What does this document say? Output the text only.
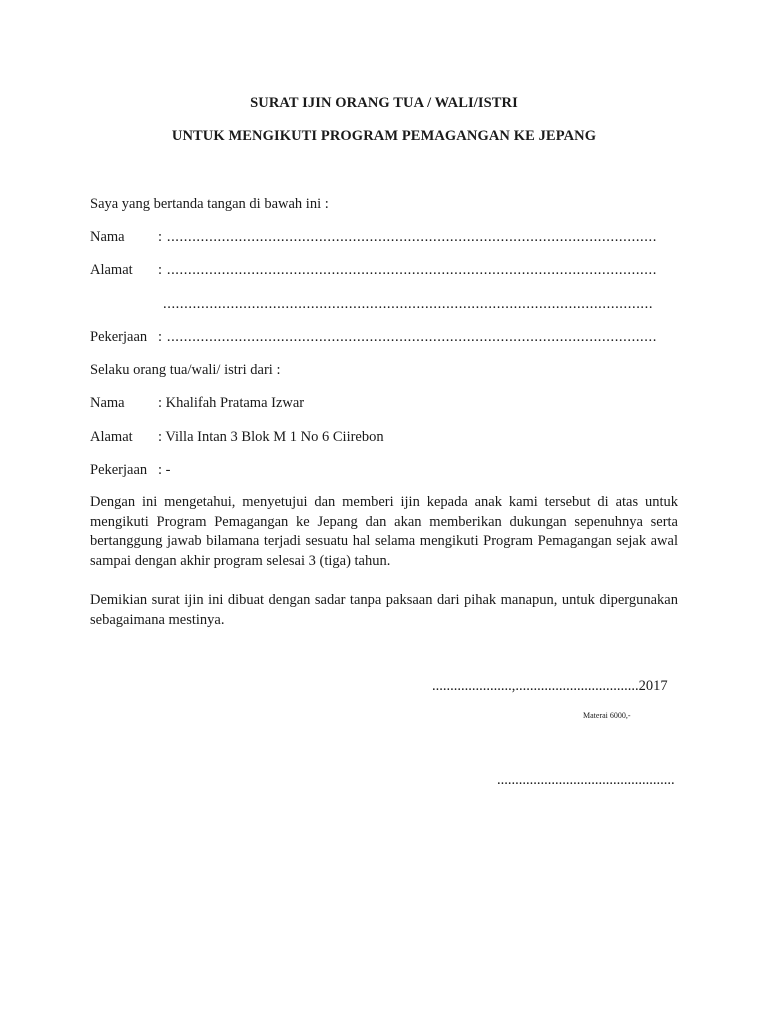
SURAT IJIN ORANG TUA / WALI/ISTRI
UNTUK MENGIKUTI PROGRAM PEMAGANGAN KE JEPANG
Saya yang bertanda tangan di bawah ini :
Nama : ....................................................................................................................
Alamat : ....................................................................................................................
....................................................................................................................
Pekerjaan : ....................................................................................................................
Selaku orang tua/wali/ istri dari :
Nama : Khalifah Pratama Izwar
Alamat : Villa Intan 3 Blok M 1 No 6 Ciirebon
Pekerjaan : -
Dengan ini mengetahui, menyetujui dan memberi ijin kepada anak kami tersebut di atas untuk mengikuti Program Pemagangan ke Jepang dan akan memberikan dukungan sepenuhnya serta bertanggung jawab bilamana terjadi sesuatu hal selama mengikuti Program Pemagangan sejak awal sampai dengan akhir program selesai 3 (tiga) tahun.
Demikian surat ijin ini dibuat dengan sadar tanpa paksaan dari pihak manapun, untuk dipergunakan sebagaimana mestinya.
......................,..................................2017
Materai 6000,-
.................................................
